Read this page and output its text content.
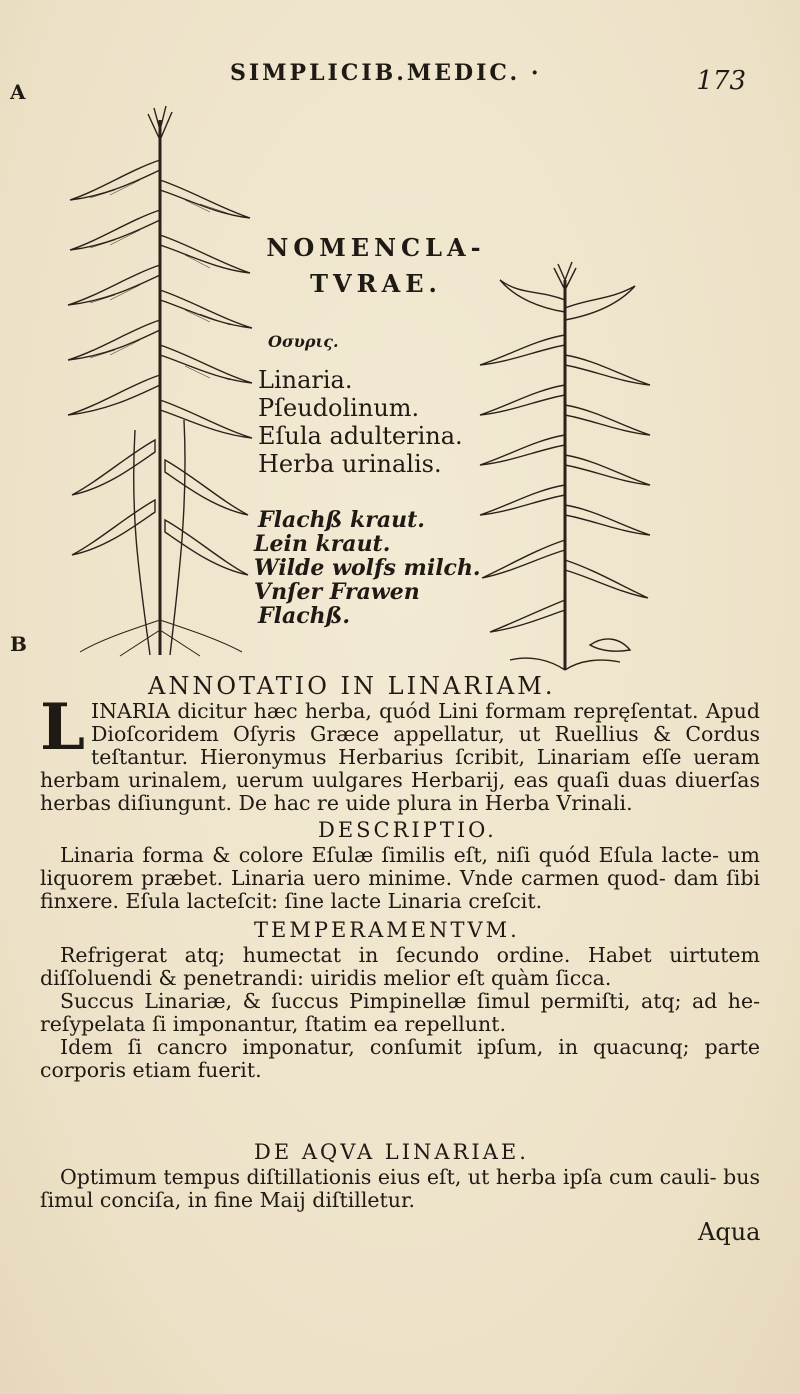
A
B
SIMPLICIB.MEDIC. ·	173
NOMENCLA-
TVRAE.
Οσυρις.
Linaria.
Pſeudolinum.
Eſula adulterina.
Herba urinalis.
Flachß kraut.
Lein kraut.
Wilde wolfs milch.
Vnſer Frawen
Flachß.
ANNOTATIO IN LINARIAM.

LINARIA dicitur hæc herba, quód Lini formam repręſentat. Apud Dioſcoridem Oſyris Græce appellatur, ut Ruellius & Cordus teſtantur. Hieronymus Herbarius ſcribit, Linariam eſſe ueram herbam urinalem, uerum uulgares Herbarij, eas quaſi duas diuerſas herbas diſiungunt. De hac re uide plura in Herba Vrinali.

DESCRIPTIO.

Linaria forma & colore Eſulæ ſimilis eſt, niſi quód Eſula lacte- um liquorem præbet. Linaria uero minime. Vnde carmen quod- dam ſibi finxere. Eſula lacteſcit: ſine lacte Linaria creſcit.

TEMPERAMENTVM.

Refrigerat atq; humectat in ſecundo ordine. Habet uirtutem diſſoluendi & penetrandi: uiridis melior eſt quàm ſicca.

Succus Linariæ, & ſuccus Pimpinellæ ſimul permiſti, atq; ad he- reſypelata ſi imponantur, ſtatim ea repellunt.

Idem ſi cancro imponatur, conſumit ipſum, in quacunq; parte corporis etiam fuerit.

DE AQVA LINARIAE.

Optimum tempus diſtillationis eius eſt, ut herba ipſa cum cauli- bus ſimul conciſa, in fine Maij diſtilletur.

Aqua
